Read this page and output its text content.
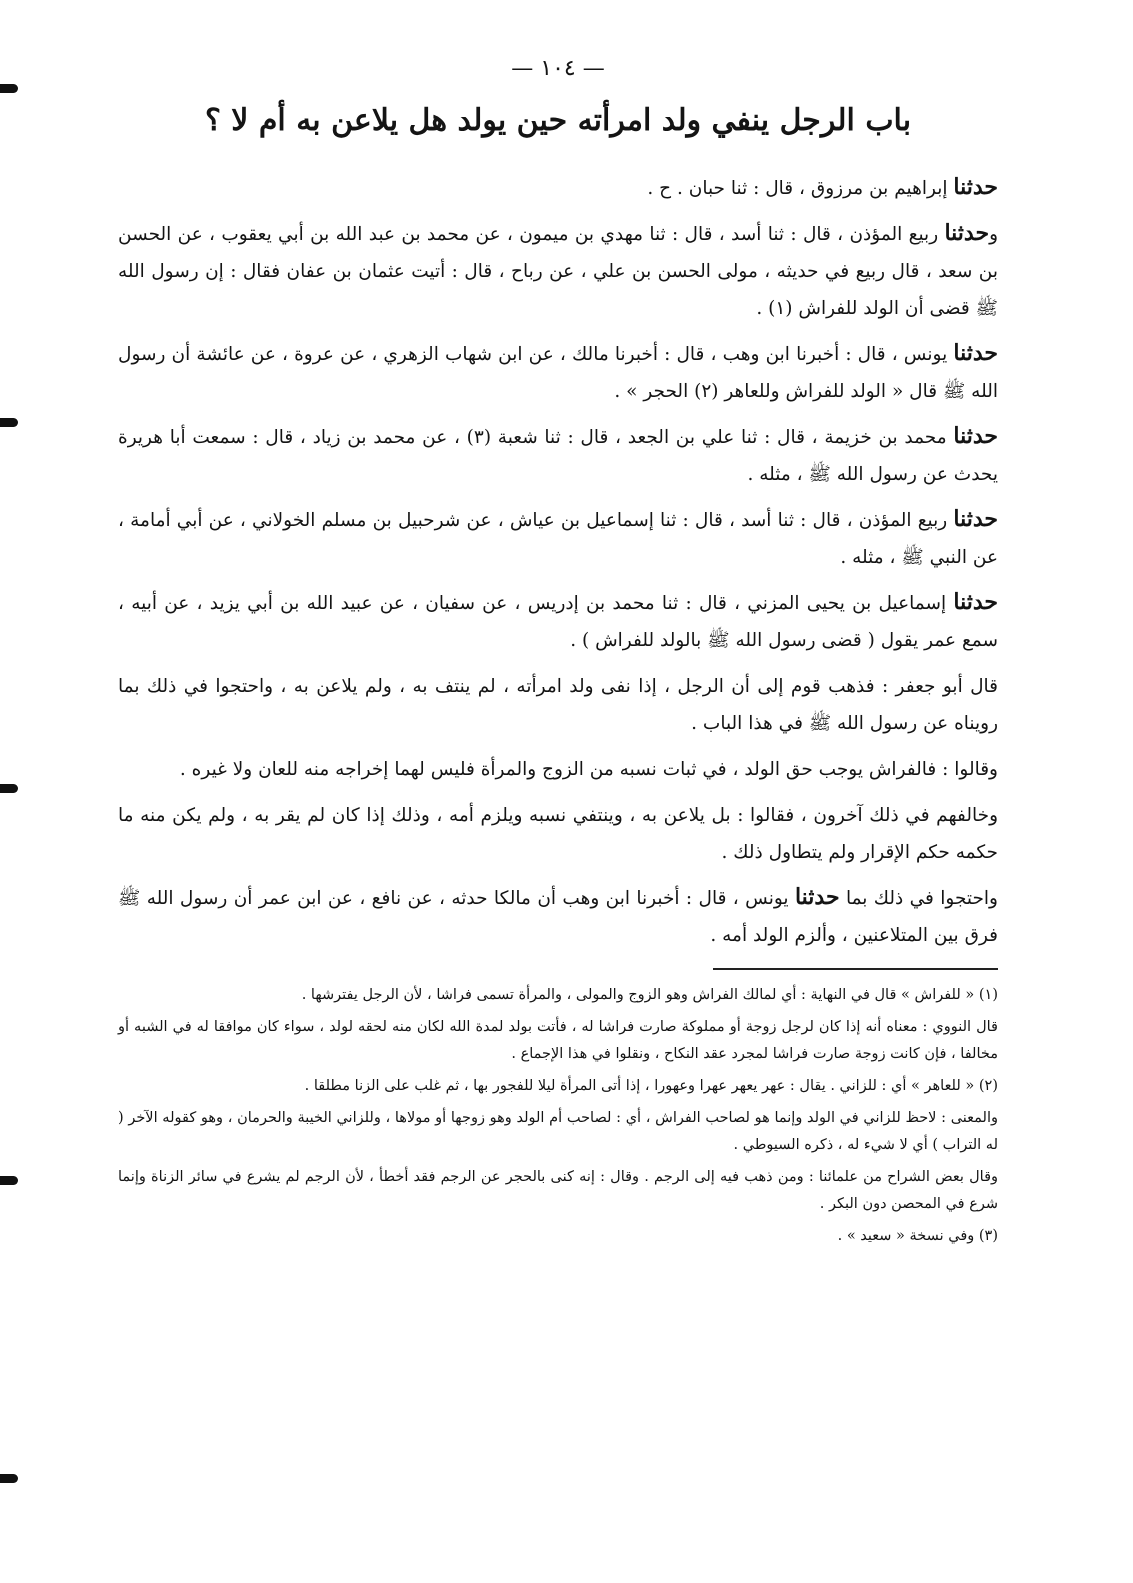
— ١٠٤ —
باب الرجل ينفي ولد امرأته حين يولد هل يلاعن به أم لا ؟

حدثنا إبراهيم بن مرزوق ، قال : ثنا حبان . ح .

وحدثنا ربيع المؤذن ، قال : ثنا أسد ، قال : ثنا مهدي بن ميمون ، عن محمد بن عبد الله بن أبي يعقوب ، عن الحسن بن سعد ، قال ربيع في حديثه ، مولى الحسن بن علي ، عن رباح ، قال : أتيت عثمان بن عفان فقال : إن رسول الله ﷺ قضى أن الولد للفراش (١) .

حدثنا يونس ، قال : أخبرنا ابن وهب ، قال : أخبرنا مالك ، عن ابن شهاب الزهري ، عن عروة ، عن عائشة أن رسول الله ﷺ قال « الولد للفراش وللعاهر (٢) الحجر » .

حدثنا محمد بن خزيمة ، قال : ثنا علي بن الجعد ، قال : ثنا شعبة (٣) ، عن محمد بن زياد ، قال : سمعت أبا هريرة يحدث عن رسول الله ﷺ ، مثله .

حدثنا ربيع المؤذن ، قال : ثنا أسد ، قال : ثنا إسماعيل بن عياش ، عن شرحبيل بن مسلم الخولاني ، عن أبي أمامة ، عن النبي ﷺ ، مثله .

حدثنا إسماعيل بن يحيى المزني ، قال : ثنا محمد بن إدريس ، عن سفيان ، عن عبيد الله بن أبي يزيد ، عن أبيه ، سمع عمر يقول ( قضى رسول الله ﷺ بالولد للفراش ) .

قال أبو جعفر : فذهب قوم إلى أن الرجل ، إذا نفى ولد امرأته ، لم ينتف به ، ولم يلاعن به ، واحتجوا في ذلك بما رويناه عن رسول الله ﷺ في هذا الباب .

وقالوا : فالفراش يوجب حق الولد ، في ثبات نسبه من الزوج والمرأة فليس لهما إخراجه منه للعان ولا غيره .

وخالفهم في ذلك آخرون ، فقالوا : بل يلاعن به ، وينتفي نسبه ويلزم أمه ، وذلك إذا كان لم يقر به ، ولم يكن منه ما حكمه حكم الإقرار ولم يتطاول ذلك .

واحتجوا في ذلك بما حدثنا يونس ، قال : أخبرنا ابن وهب أن مالكا حدثه ، عن نافع ، عن ابن عمر أن رسول الله ﷺ فرق بين المتلاعنين ، وألزم الولد أمه .

(١) « للفراش » قال في النهاية : أي لمالك الفراش وهو الزوج والمولى ، والمرأة تسمى فراشا ، لأن الرجل يفترشها .

قال النووي : معناه أنه إذا كان لرجل زوجة أو مملوكة صارت فراشا له ، فأتت بولد لمدة الله لكان منه لحقه لولد ، سواء كان موافقا له في الشبه أو مخالفا ، فإن كانت زوجة صارت فراشا لمجرد عقد النكاح ، ونقلوا في هذا الإجماع .

(٢) « للعاهر » أي : للزاني . يقال : عهر يعهر عهرا وعهورا ، إذا أتى المرأة ليلا للفجور بها ، ثم غلب على الزنا مطلقا .

والمعنى : لاحظ للزاني في الولد وإنما هو لصاحب الفراش ، أي : لصاحب أم الولد وهو زوجها أو مولاها ، وللزاني الخيبة والحرمان ، وهو كقوله الآخر ( له التراب ) أي لا شيء له ، ذكره السيوطي .

وقال بعض الشراح من علمائنا : ومن ذهب فيه إلى الرجم . وقال : إنه كنى بالحجر عن الرجم فقد أخطأ ، لأن الرجم لم يشرع في سائر الزناة وإنما شرع في المحصن دون البكر .

(٣) وفي نسخة « سعيد » .
